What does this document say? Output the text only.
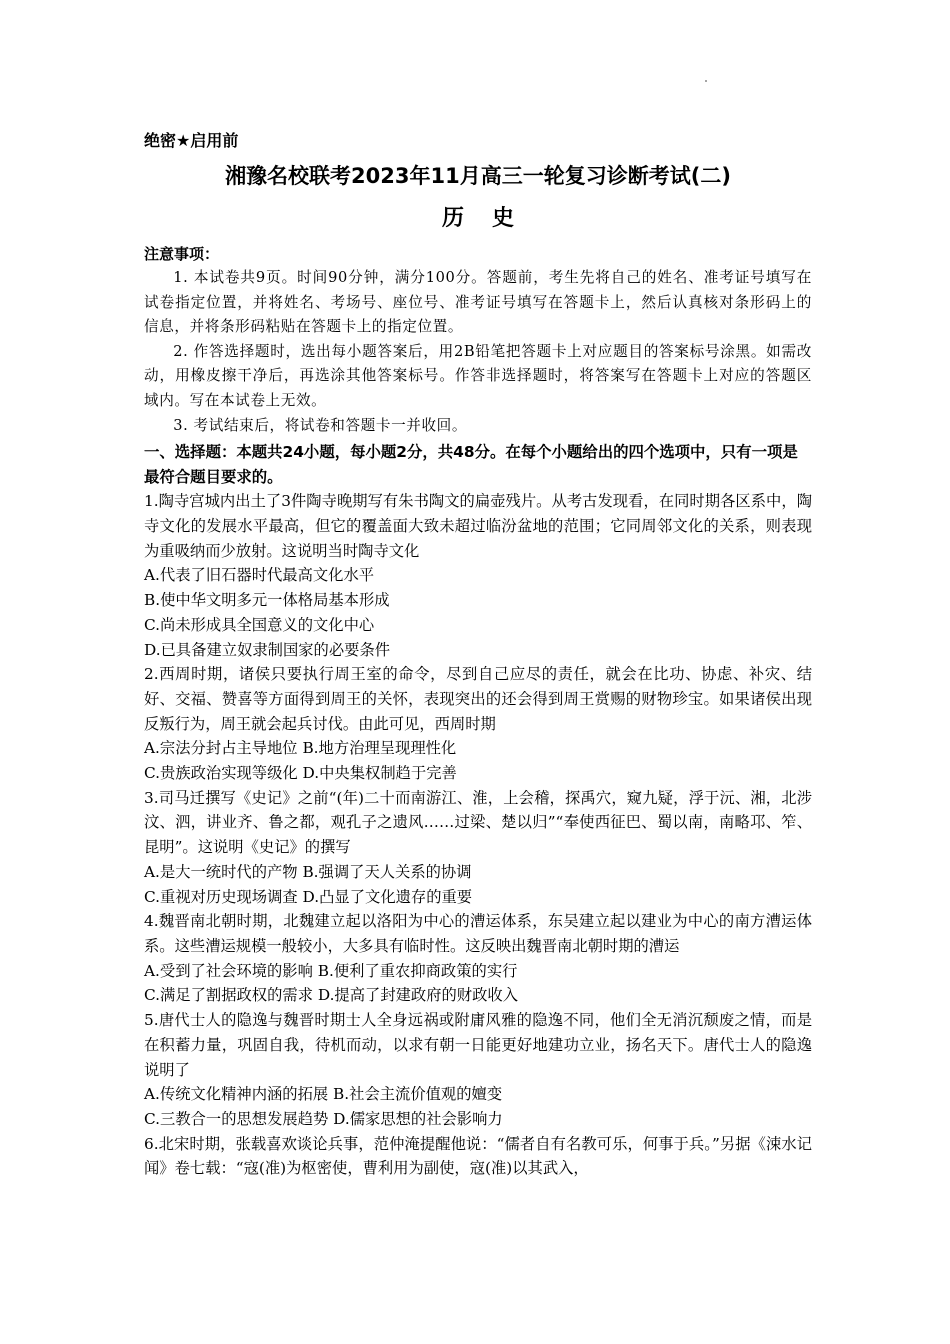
绝密★启用前
湘豫名校联考2023年11月高三一轮复习诊断考试(二)
历史
注意事项：
1. 本试卷共9页。时间90分钟，满分100分。答题前，考生先将自己的姓名、准考证号填写在试卷指定位置，并将姓名、考场号、座位号、准考证号填写在答题卡上，然后认真核对条形码上的信息，并将条形码粘贴在答题卡上的指定位置。
2. 作答选择题时，选出每小题答案后，用2B铅笔把答题卡上对应题目的答案标号涂黑。如需改动，用橡皮擦干净后，再选涂其他答案标号。作答非选择题时，将答案写在答题卡上对应的答题区域内。写在本试卷上无效。
3. 考试结束后，将试卷和答题卡一并收回。
一、选择题：本题共24小题，每小题2分，共48分。在每个小题给出的四个选项中，只有一项是最符合题目要求的。
1.陶寺宫城内出土了3件陶寺晚期写有朱书陶文的扁壶残片。从考古发现看，在同时期各区系中，陶寺文化的发展水平最高，但它的覆盖面大致未超过临汾盆地的范围；它同周邻文化的关系，则表现为重吸纳而少放射。这说明当时陶寺文化
A.代表了旧石器时代最高文化水平
B.使中华文明多元一体格局基本形成
C.尚未形成具全国意义的文化中心
D.已具备建立奴隶制国家的必要条件
2.西周时期，诸侯只要执行周王室的命令，尽到自己应尽的责任，就会在比功、协虑、补灾、结好、交福、赞喜等方面得到周王的关怀，表现突出的还会得到周王赏赐的财物珍宝。如果诸侯出现反叛行为，周王就会起兵讨伐。由此可见，西周时期
A.宗法分封占主导地位 B.地方治理呈现理性化
C.贵族政治实现等级化 D.中央集权制趋于完善
3.司马迁撰写《史记》之前“(年)二十而南游江、淮，上会稽，探禹穴，窥九疑，浮于沅、湘，北涉汶、泗，讲业齐、鲁之都，观孔子之遗风……过梁、楚以归”“奉使西征巴、蜀以南，南略邛、笮、昆明”。这说明《史记》的撰写
A.是大一统时代的产物 B.强调了天人关系的协调
C.重视对历史现场调查 D.凸显了文化遗存的重要
4.魏晋南北朝时期，北魏建立起以洛阳为中心的漕运体系，东吴建立起以建业为中心的南方漕运体系。这些漕运规模一般较小，大多具有临时性。这反映出魏晋南北朝时期的漕运
A.受到了社会环境的影响 B.便利了重农抑商政策的实行
C.满足了割据政权的需求 D.提高了封建政府的财政收入
5.唐代士人的隐逸与魏晋时期士人全身远祸或附庸风雅的隐逸不同，他们全无消沉颓废之情，而是在积蓄力量，巩固自我，待机而动，以求有朝一日能更好地建功立业，扬名天下。唐代士人的隐逸说明了
A.传统文化精神内涵的拓展 B.社会主流价值观的嬗变
C.三教合一的思想发展趋势 D.儒家思想的社会影响力
6.北宋时期，张载喜欢谈论兵事，范仲淹提醒他说：“儒者自有名教可乐，何事于兵。”另据《涑水记闻》卷七载：“寇(准)为枢密使，曹利用为副使，寇(准)以其武入，
